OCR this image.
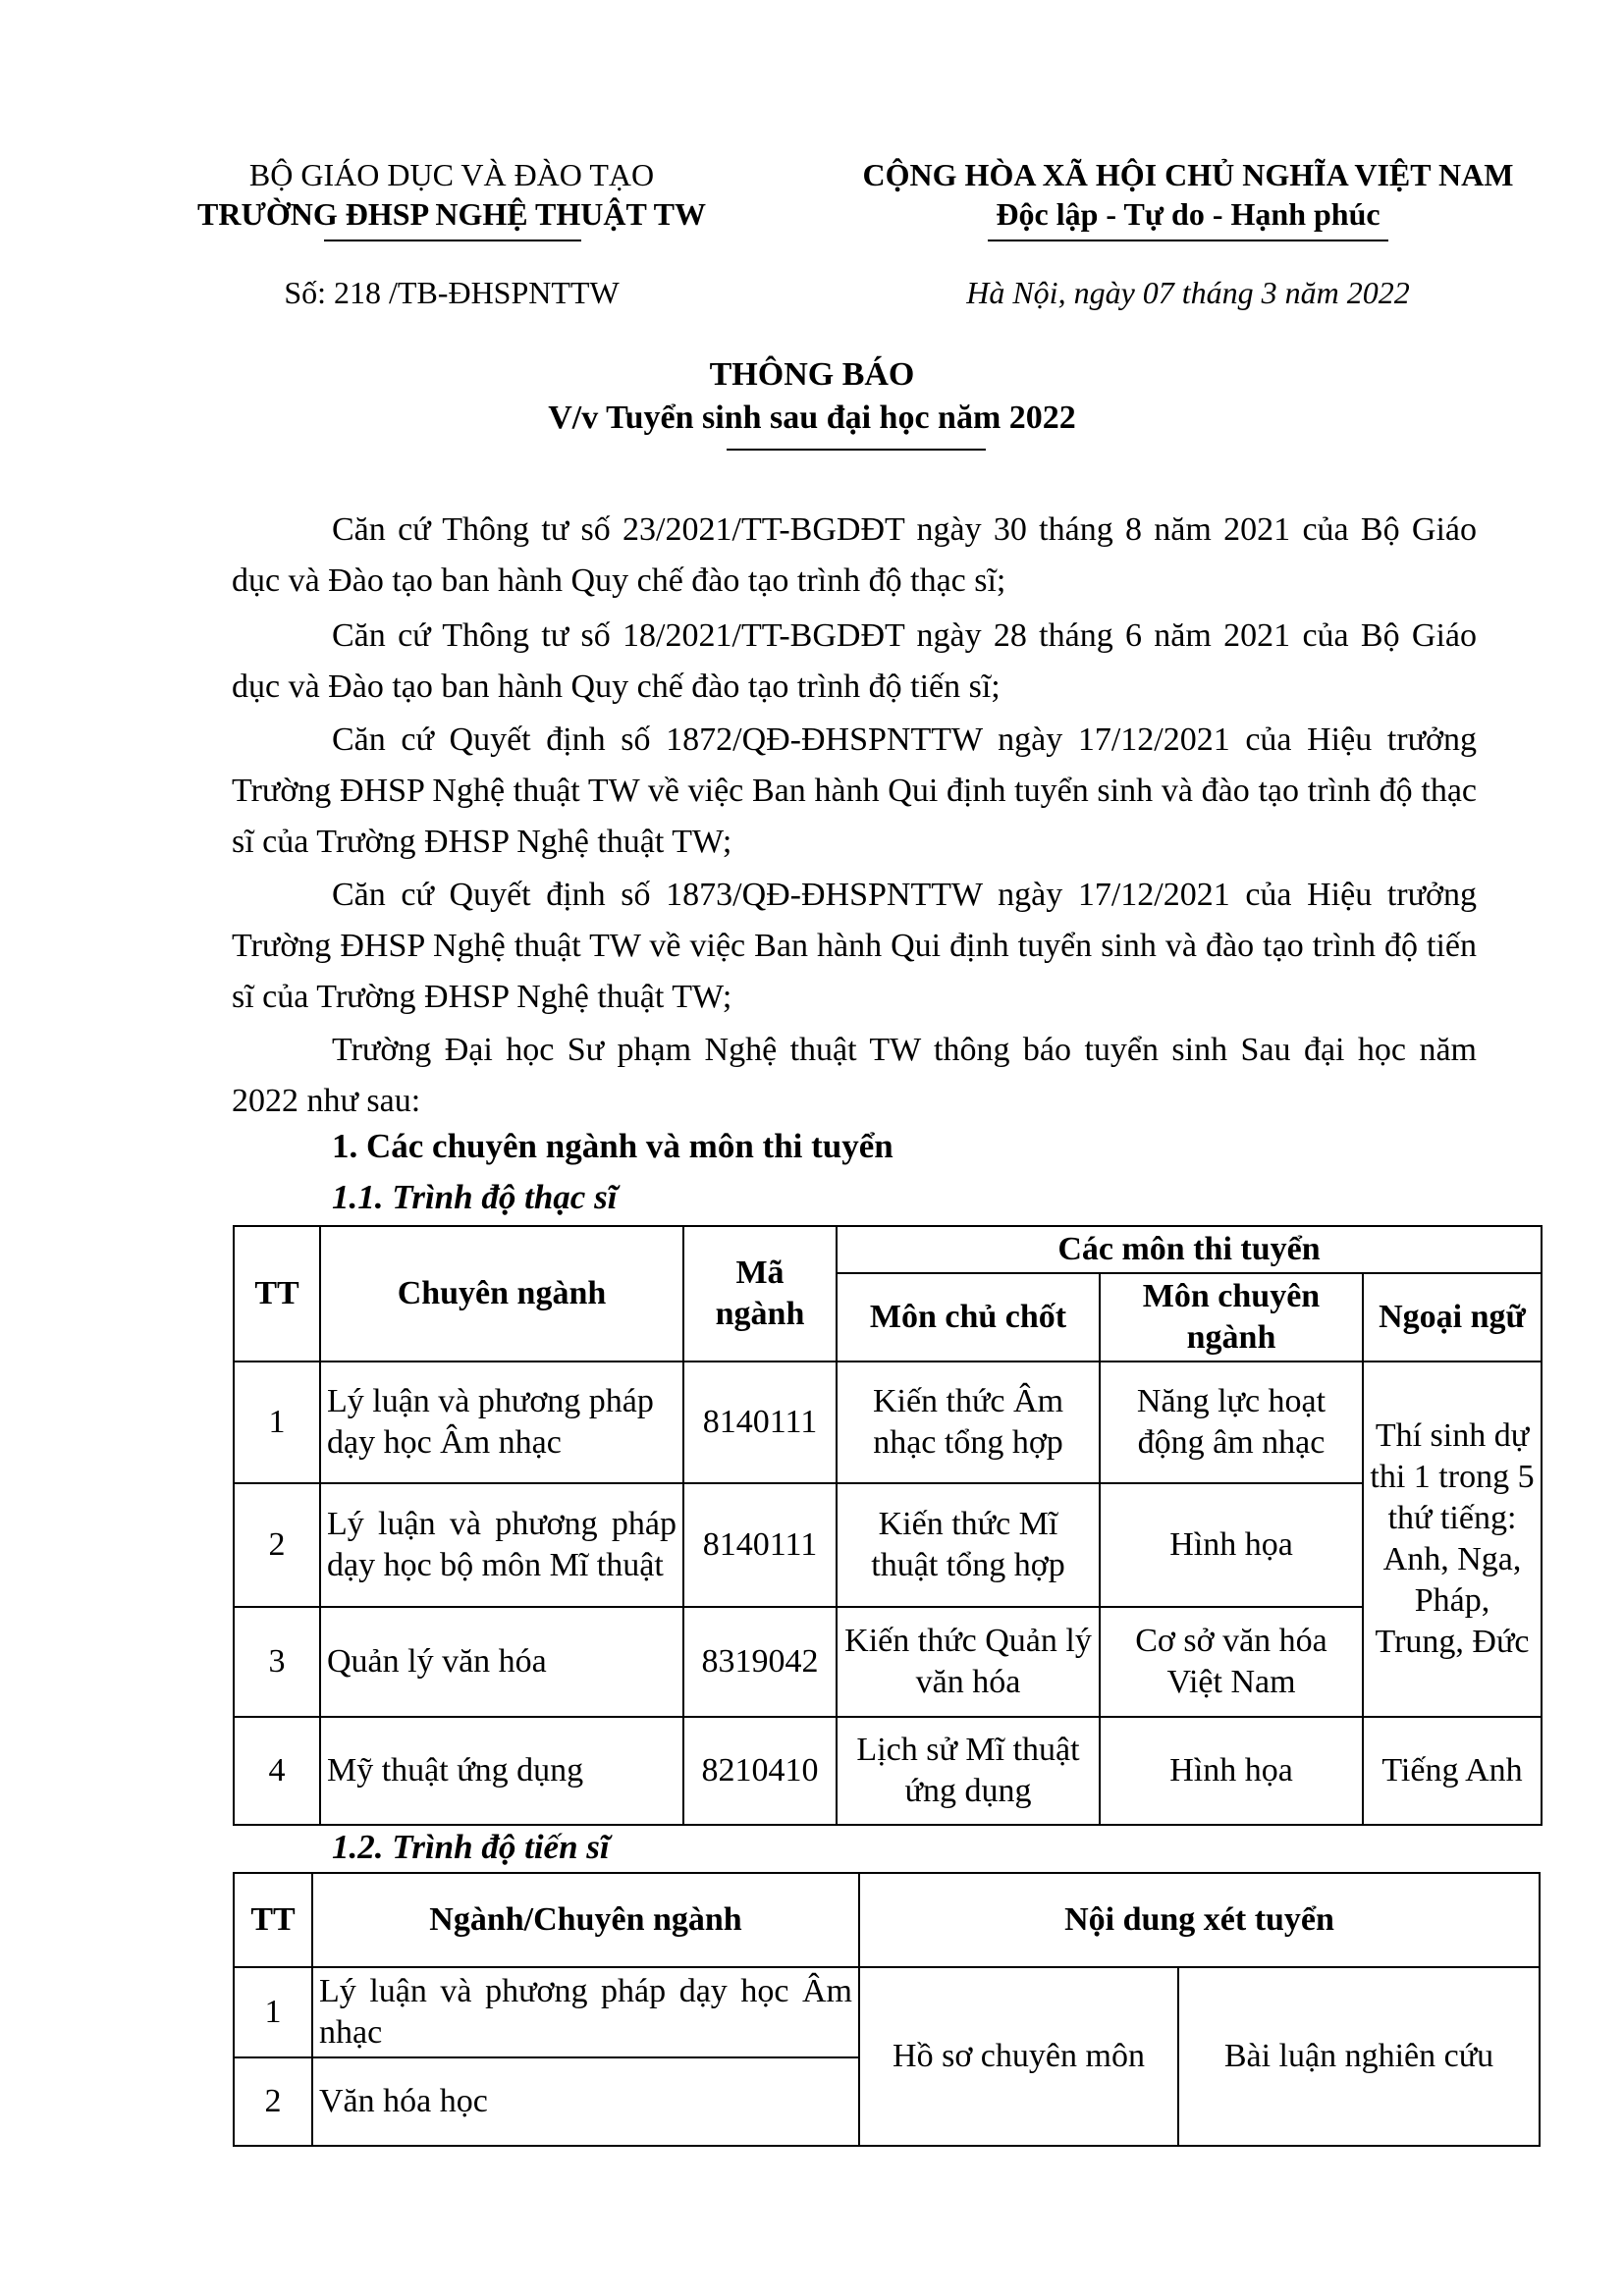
BỘ GIÁO DỤC VÀ ĐÀO TẠO
TRƯỜNG ĐHSP NGHỆ THUẬT TW
CỘNG HÒA XÃ HỘI CHỦ NGHĨA VIỆT NAM
Độc lập - Tự do - Hạnh phúc
Số: 218 /TB-ĐHSPNTTW	Hà Nội, ngày 07 tháng 3 năm 2022
THÔNG BÁO
V/v Tuyển sinh sau đại học năm 2022
Căn cứ Thông tư số 23/2021/TT-BGDĐT ngày 30 tháng 8 năm 2021 của Bộ Giáo dục và Đào tạo ban hành Quy chế đào tạo trình độ thạc sĩ;
Căn cứ Thông tư số 18/2021/TT-BGDĐT ngày 28 tháng 6 năm 2021 của Bộ Giáo dục và Đào tạo ban hành Quy chế đào tạo trình độ tiến sĩ;
Căn cứ Quyết định số 1872/QĐ-ĐHSPNTTW ngày 17/12/2021 của Hiệu trưởng Trường ĐHSP Nghệ thuật TW về việc Ban hành Qui định tuyển sinh và đào tạo trình độ thạc sĩ của Trường ĐHSP Nghệ thuật TW;
Căn cứ Quyết định số 1873/QĐ-ĐHSPNTTW ngày 17/12/2021 của Hiệu trưởng Trường ĐHSP Nghệ thuật TW về việc Ban hành Qui định tuyển sinh và đào tạo trình độ tiến sĩ của Trường ĐHSP Nghệ thuật TW;
Trường Đại học Sư phạm Nghệ thuật TW thông báo tuyển sinh Sau đại học năm 2022 như sau:
1. Các chuyên ngành và môn thi tuyển
1.1. Trình độ thạc sĩ
TT	Chuyên ngành	Mã ngành	Các môn thi tuyển		
			Môn chủ chốt	Môn chuyên ngành	Ngoại ngữ
1	Lý luận và phương pháp dạy học Âm nhạc	8140111	Kiến thức Âm nhạc tổng hợp	Năng lực hoạt động âm nhạc	Thí sinh dự thi 1 trong 5 thứ tiếng: Anh, Nga, Pháp, Trung, Đức
2	Lý luận và phương pháp dạy học bộ môn Mĩ thuật	8140111	Kiến thức Mĩ thuật tổng hợp	Hình họa	
3	Quản lý văn hóa	8319042	Kiến thức Quản lý văn hóa	Cơ sở văn hóa Việt Nam	
4	Mỹ thuật ứng dụng	8210410	Lịch sử Mĩ thuật ứng dụng	Hình họa	Tiếng Anh
1.2. Trình độ tiến sĩ
TT	Ngành/Chuyên ngành	Nội dung xét tuyển	
1	Lý luận và phương pháp dạy học Âm nhạc	Hồ sơ chuyên môn	Bài luận nghiên cứu
2	Văn hóa học		
